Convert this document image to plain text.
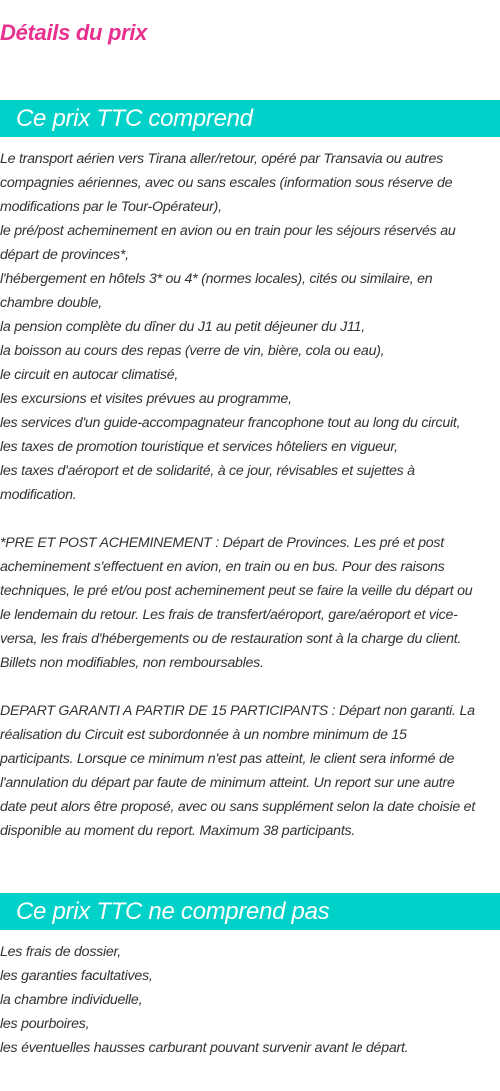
Détails du prix
Ce prix TTC comprend
Le transport aérien vers Tirana aller/retour, opéré par Transavia ou autres
compagnies aériennes, avec ou sans escales (information sous réserve de
modifications par le Tour-Opérateur),
le pré/post acheminement en avion ou en train pour les séjours réservés au
départ de provinces*,
l'hébergement en hôtels 3* ou 4* (normes locales), cités ou similaire, en
chambre double,
la pension complète du dîner du J1 au petit déjeuner du J11,
la boisson au cours des repas (verre de vin, bière, cola ou eau),
le circuit en autocar climatisé,
les excursions et visites prévues au programme,
les services d'un guide-accompagnateur francophone tout au long du circuit,
les taxes de promotion touristique et services hôteliers en vigueur,
les taxes d'aéroport et de solidarité, à ce jour, révisables et sujettes à
modification.
*PRE ET POST ACHEMINEMENT : Départ de Provinces. Les pré et post
acheminement s'effectuent en avion, en train ou en bus. Pour des raisons
techniques, le pré et/ou post acheminement peut se faire la veille du départ ou
le lendemain du retour. Les frais de transfert/aéroport, gare/aéroport et vice-
versa, les frais d'hébergements ou de restauration sont à la charge du client.
Billets non modifiables, non remboursables.
DEPART GARANTI A PARTIR DE 15 PARTICIPANTS : Départ non garanti. La
réalisation du Circuit est subordonnée à un nombre minimum de 15
participants. Lorsque ce minimum n'est pas atteint, le client sera informé de
l'annulation du départ par faute de minimum atteint. Un report sur une autre
date peut alors être proposé, avec ou sans supplément selon la date choisie et
disponible au moment du report. Maximum 38 participants.
Ce prix TTC ne comprend pas
Les frais de dossier,
les garanties facultatives,
la chambre individuelle,
les pourboires,
les éventuelles hausses carburant pouvant survenir avant le départ.
